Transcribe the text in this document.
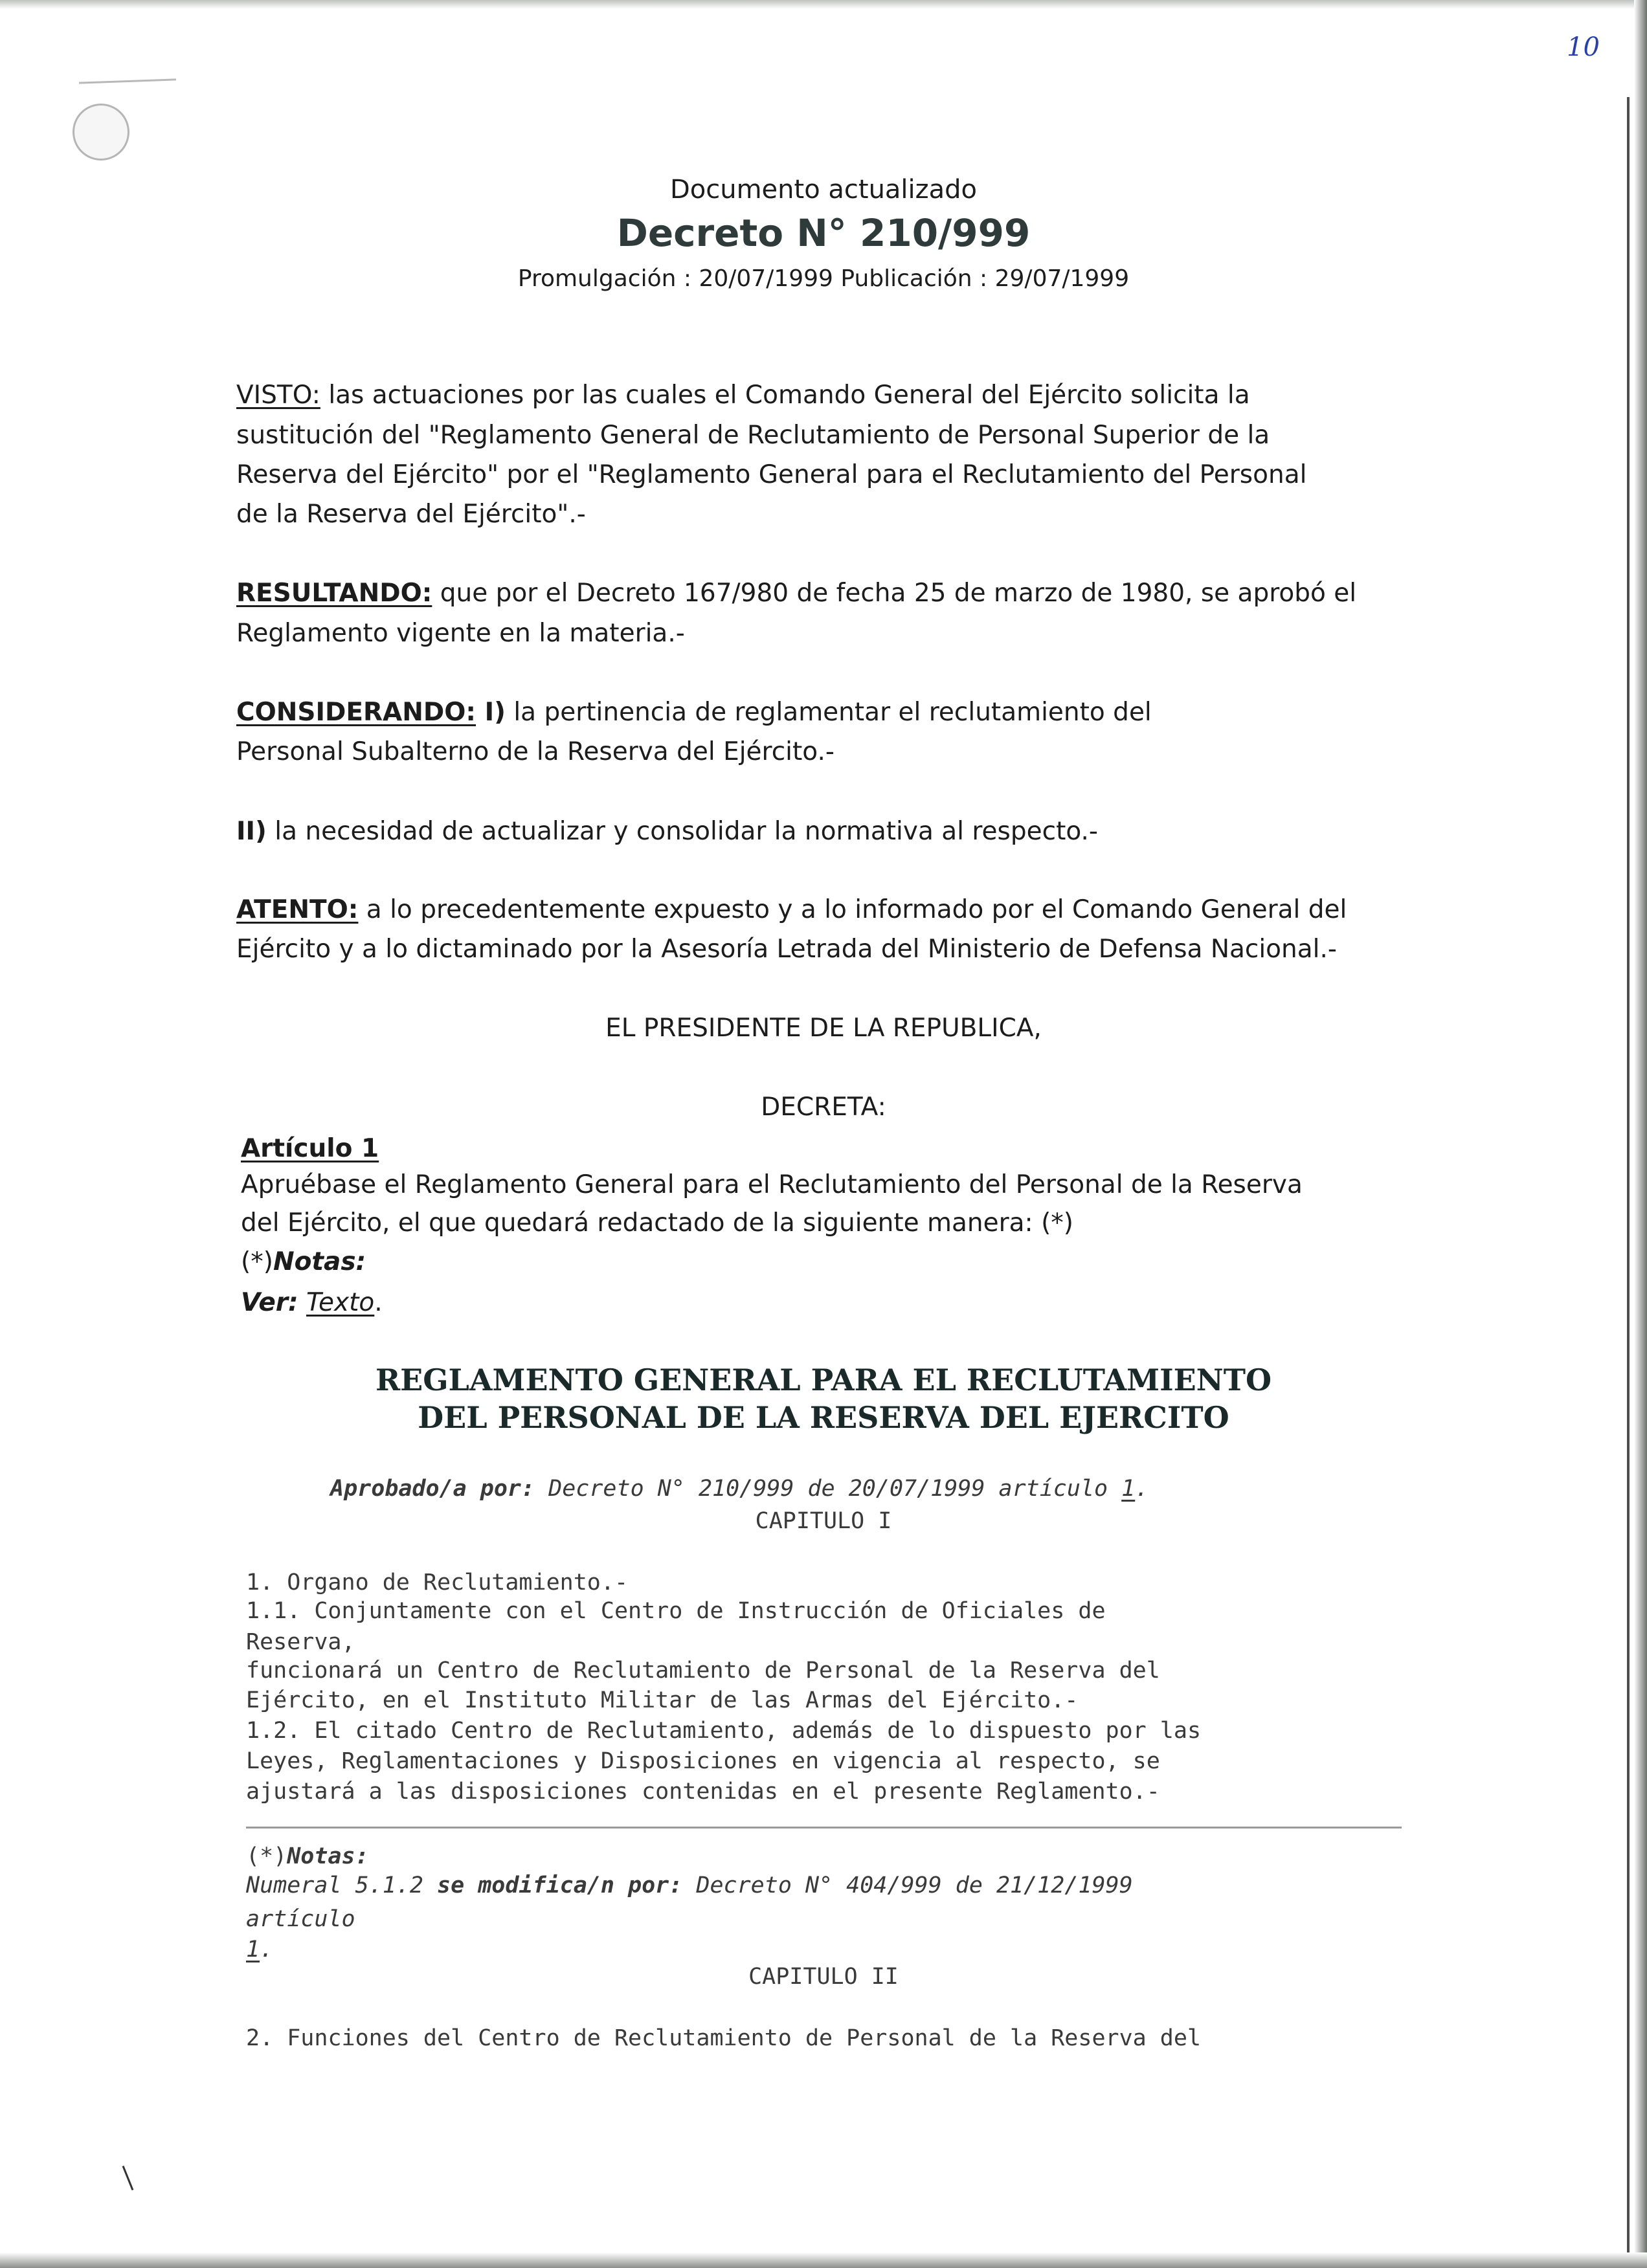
10
Documento actualizado
Decreto N° 210/999
Promulgación : 20/07/1999 Publicación : 29/07/1999
VISTO: las actuaciones por las cuales el Comando General del Ejército solicita la
sustitución del "Reglamento General de Reclutamiento de Personal Superior de la
Reserva del Ejército" por el "Reglamento General para el Reclutamiento del Personal
de la Reserva del Ejército".-
RESULTANDO: que por el Decreto 167/980 de fecha 25 de marzo de 1980, se aprobó el
Reglamento vigente en la materia.-
CONSIDERANDO: I) la pertinencia de reglamentar el reclutamiento del
Personal Subalterno de la Reserva del Ejército.-
II) la necesidad de actualizar y consolidar la normativa al respecto.-
ATENTO: a lo precedentemente expuesto y a lo informado por el Comando General del
Ejército y a lo dictaminado por la Asesoría Letrada del Ministerio de Defensa Nacional.-
EL PRESIDENTE DE LA REPUBLICA,
DECRETA:
Artículo 1
Apruébase el Reglamento General para el Reclutamiento del Personal de la Reserva
del Ejército, el que quedará redactado de la siguiente manera: (*)
(*)Notas:
Ver: Texto.
REGLAMENTO GENERAL PARA EL RECLUTAMIENTO
DEL PERSONAL DE LA RESERVA DEL EJERCITO
Aprobado/a por: Decreto N° 210/999 de 20/07/1999 artículo 1.
CAPITULO I
1. Organo de Reclutamiento.-
1.1. Conjuntamente con el Centro de Instrucción de Oficiales de
Reserva,
funcionará un Centro de Reclutamiento de Personal de la Reserva del
Ejército, en el Instituto Militar de las Armas del Ejército.-
1.2. El citado Centro de Reclutamiento, además de lo dispuesto por las
Leyes, Reglamentaciones y Disposiciones en vigencia al respecto, se
ajustará a las disposiciones contenidas en el presente Reglamento.-
(*)Notas:
Numeral 5.1.2 se modifica/n por: Decreto N° 404/999 de 21/12/1999
artículo
1.
CAPITULO II
2. Funciones del Centro de Reclutamiento de Personal de la Reserva del
